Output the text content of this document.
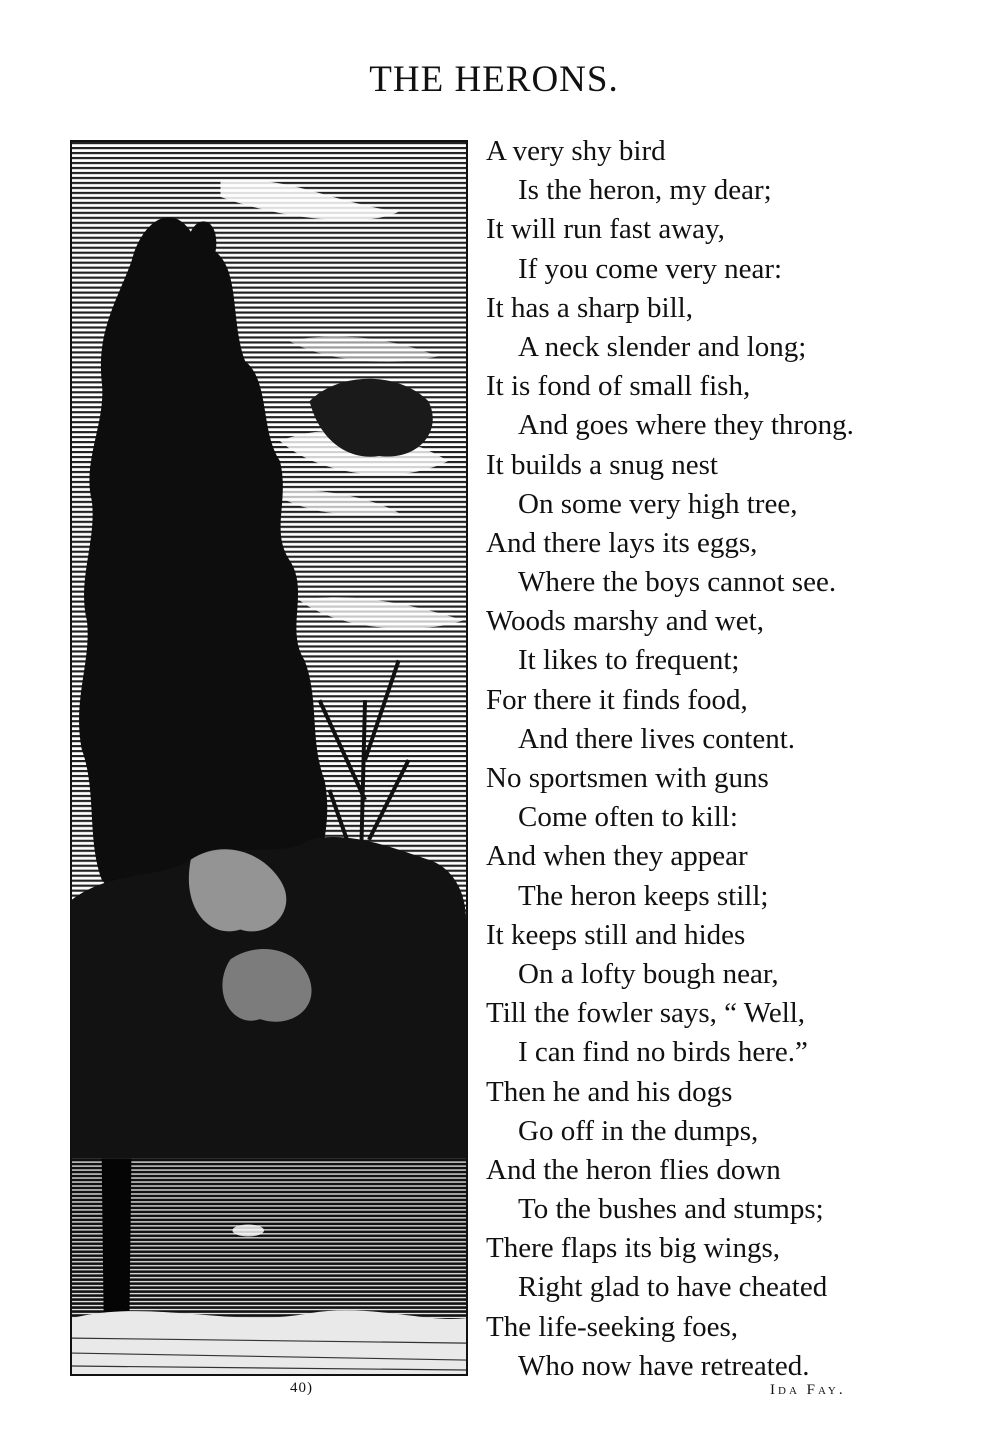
THE HERONS.
A very shy bird
Is the heron, my dear;
It will run fast away,
If you come very near:
It has a sharp bill,
A neck slender and long;
It is fond of small fish,
And goes where they throng.
It builds a snug nest
On some very high tree,
And there lays its eggs,
Where the boys cannot see.
Woods marshy and wet,
It likes to frequent;
For there it finds food,
And there lives content.
No sportsmen with guns
Come often to kill:
And when they appear
The heron keeps still;
It keeps still and hides
On a lofty bough near,
Till the fowler says, “ Well,
I can find no birds here.”
Then he and his dogs
Go off in the dumps,
And the heron flies down
To the bushes and stumps;
There flaps its big wings,
Right glad to have cheated
The life-seeking foes,
Who now have retreated.
40)	Ida Fay.
